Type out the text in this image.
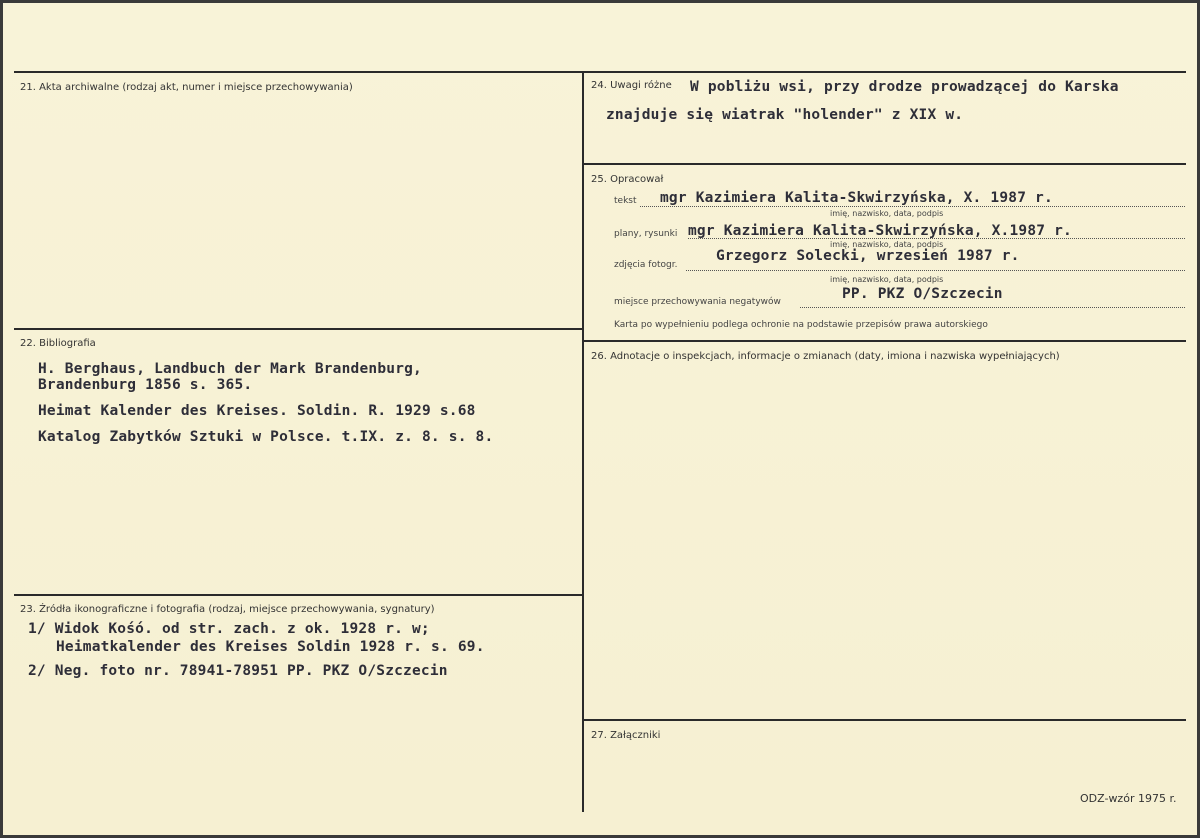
21. Akta archiwalne (rodzaj akt, numer i miejsce przechowywania)
22. Bibliografia
H. Berghaus, Landbuch der Mark Brandenburg,
Brandenburg 1856 s. 365.
Heimat Kalender des Kreises. Soldin. R. 1929 s.68
Katalog Zabytków Sztuki w Polsce. t.IX. z. 8. s. 8.
23. Źródła ikonograficzne i fotografia (rodzaj, miejsce przechowywania, sygnatury)
1/ Widok Kośó. od str. zach. z ok. 1928 r. w;
Heimatkalender des Kreises Soldin 1928 r. s. 69.
2/ Neg. foto nr. 78941-78951 PP. PKZ O/Szczecin
24. Uwagi różne W pobliżu wsi, przy drodze prowadzącej do Karska
znajduje się wiatrak "holender" z XIX w.
25. Opracował
tekst mgr Kazimiera Kalita-Skwirzyńska, X. 1987 r.
imię, nazwisko, data, podpis
plany, rysunki mgr Kazimiera Kalita-Skwirzyńska, X.1987 r.
imię, nazwisko, data, podpis
zdjęcia fotogr.
Grzegorz Solecki, wrzesień 1987 r.
imię, nazwisko, data, podpis
miejsce przechowywania negatywów	PP. PKZ O/Szczecin
Karta po wypełnieniu podlega ochronie na podstawie przepisów prawa autorskiego
26. Adnotacje o inspekcjach, informacje o zmianach (daty, imiona i nazwiska wypełniających)
27. Załączniki
ODZ-wzór 1975 r.
